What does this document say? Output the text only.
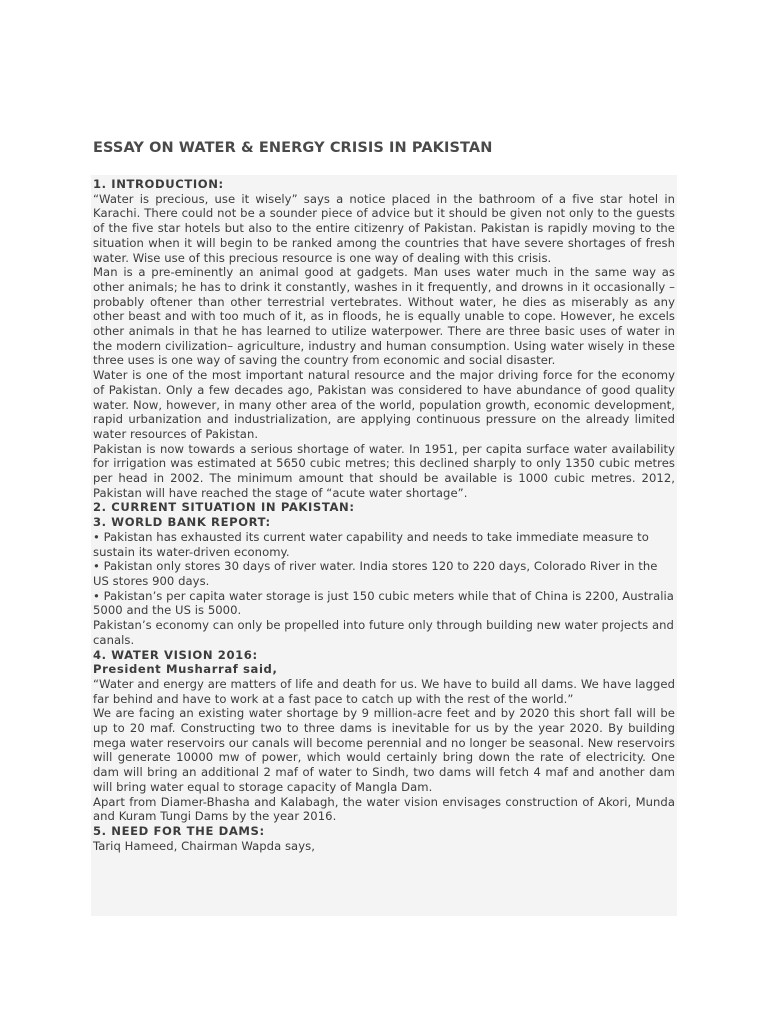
ESSAY ON WATER & ENERGY CRISIS IN PAKISTAN

1. INTRODUCTION:

“Water is precious, use it wisely” says a notice placed in the bathroom of a five star hotel in Karachi. There could not be a sounder piece of advice but it should be given not only to the guests of the five star hotels but also to the entire citizenry of Pakistan. Pakistan is rapidly moving to the situation when it will begin to be ranked among the countries that have severe shortages of fresh water. Wise use of this precious resource is one way of dealing with this crisis.

Man is a pre-eminently an animal good at gadgets. Man uses water much in the same way as other animals; he has to drink it constantly, washes in it frequently, and drowns in it occasionally – probably oftener than other terrestrial vertebrates. Without water, he dies as miserably as any other beast and with too much of it, as in floods, he is equally unable to cope. However, he excels other animals in that he has learned to utilize waterpower. There are three basic uses of water in the modern civilization– agriculture, industry and human consumption. Using water wisely in these three uses is one way of saving the country from economic and social disaster.

Water is one of the most important natural resource and the major driving force for the economy of Pakistan. Only a few decades ago, Pakistan was considered to have abundance of good quality water. Now, however, in many other area of the world, population growth, economic development, rapid urbanization and industrialization, are applying continuous pressure on the already limited water resources of Pakistan.

Pakistan is now towards a serious shortage of water. In 1951, per capita surface water availability for irrigation was estimated at 5650 cubic metres; this declined sharply to only 1350 cubic metres per head in 2002. The minimum amount that should be available is 1000 cubic metres. 2012, Pakistan will have reached the stage of “acute water shortage”.

2. CURRENT SITUATION IN PAKISTAN:

3. WORLD BANK REPORT:

• Pakistan has exhausted its current water capability and needs to take immediate measure to sustain its water-driven economy.

• Pakistan only stores 30 days of river water. India stores 120 to 220 days, Colorado River in the US stores 900 days.

• Pakistan’s per capita water storage is just 150 cubic meters while that of China is 2200, Australia 5000 and the US is 5000.

Pakistan’s economy can only be propelled into future only through building new water projects and canals.

4. WATER VISION 2016:

President Musharraf said,

“Water and energy are matters of life and death for us. We have to build all dams. We have lagged far behind and have to work at a fast pace to catch up with the rest of the world.”

We are facing an existing water shortage by 9 million-acre feet and by 2020 this short fall will be up to 20 maf. Constructing two to three dams is inevitable for us by the year 2020. By building mega water reservoirs our canals will become perennial and no longer be seasonal. New reservoirs will generate 10000 mw of power, which would certainly bring down the rate of electricity. One dam will bring an additional 2 maf of water to Sindh, two dams will fetch 4 maf and another dam will bring water equal to storage capacity of Mangla Dam.

Apart from Diamer-Bhasha and Kalabagh, the water vision envisages construction of Akori, Munda and Kuram Tungi Dams by the year 2016.

5. NEED FOR THE DAMS:

Tariq Hameed, Chairman Wapda says,
